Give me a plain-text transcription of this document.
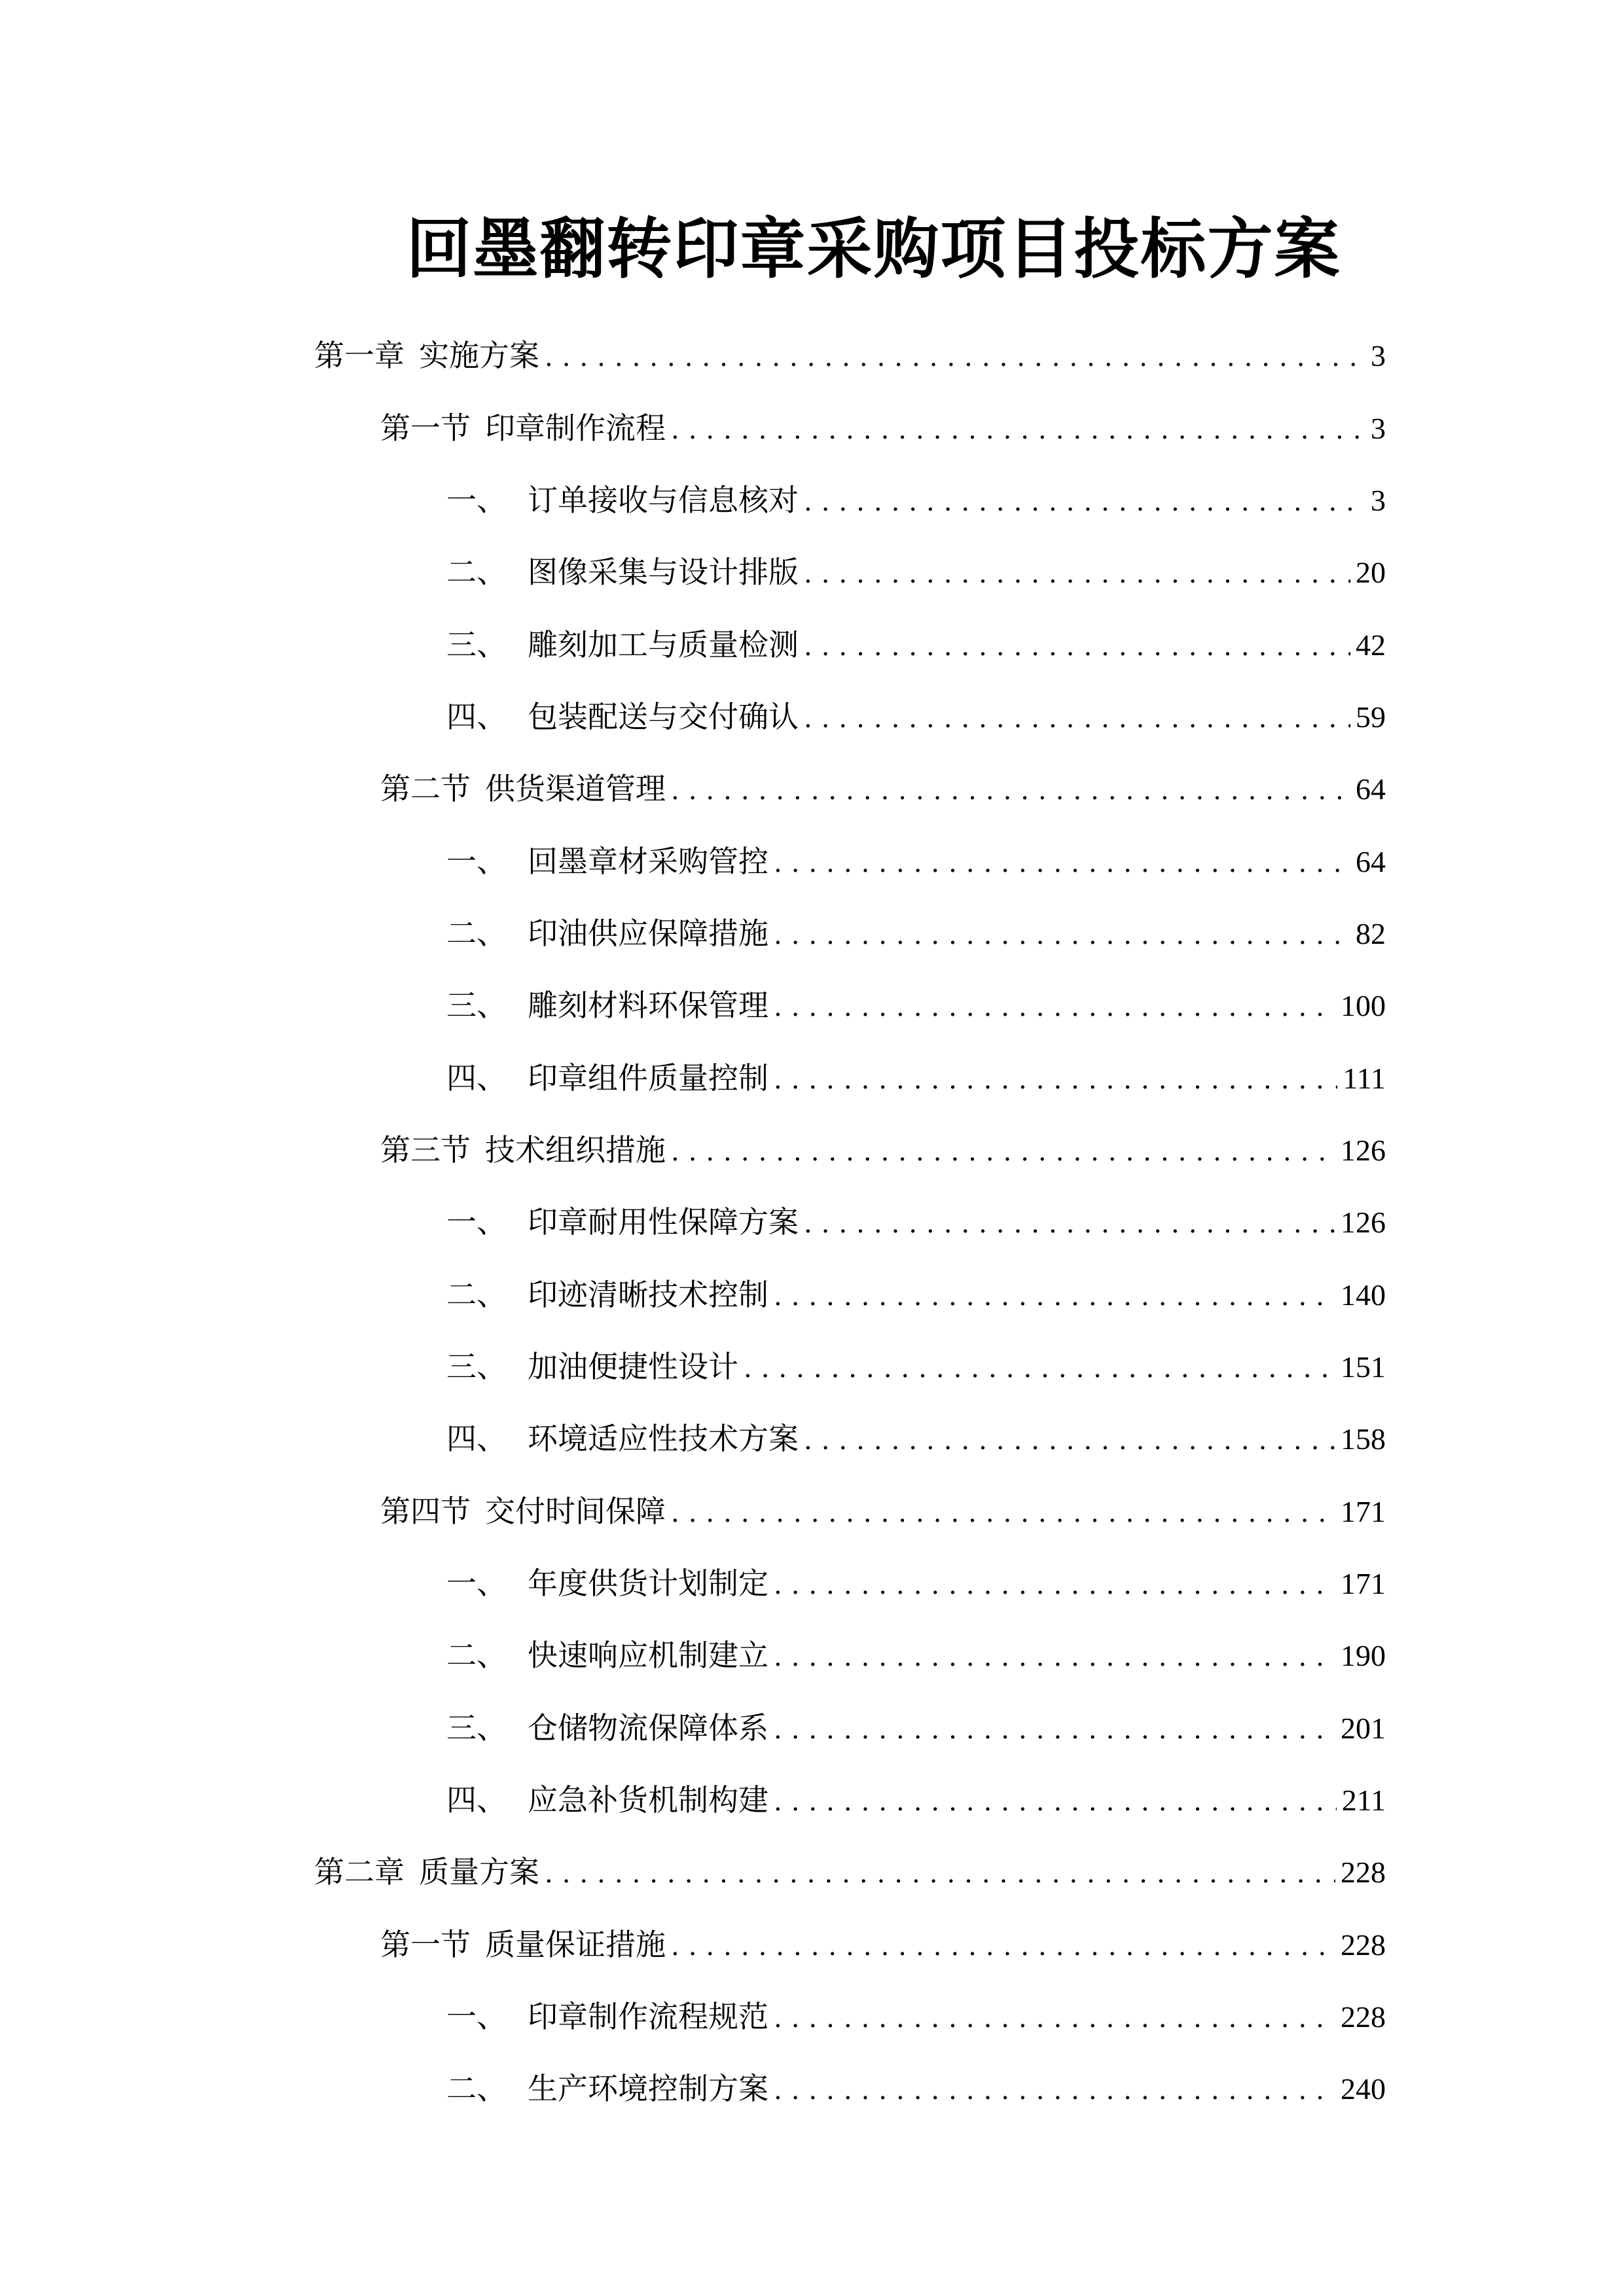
回墨翻转印章采购项目投标方案
第一章 实施方案 .....	3
第一节 印章制作流程 .....	3
一、 订单接收与信息核对 .....	3
二、 图像采集与设计排版 .....	20
三、 雕刻加工与质量检测 .....	42
四、 包装配送与交付确认 .....	59
第二节 供货渠道管理 .....	64
一、 回墨章材采购管控 .....	64
二、 印油供应保障措施 .....	82
三、 雕刻材料环保管理 .....	100
四、 印章组件质量控制 .....	111
第三节 技术组织措施 .....	126
一、 印章耐用性保障方案 .....	126
二、 印迹清晰技术控制 .....	140
三、 加油便捷性设计 .....	151
四、 环境适应性技术方案 .....	158
第四节 交付时间保障 .....	171
一、 年度供货计划制定 .....	171
二、 快速响应机制建立 .....	190
三、 仓储物流保障体系 .....	201
四、 应急补货机制构建 .....	211
第二章 质量方案 .....	228
第一节 质量保证措施 .....	228
一、 印章制作流程规范 .....	228
二、 生产环境控制方案 .....	240
